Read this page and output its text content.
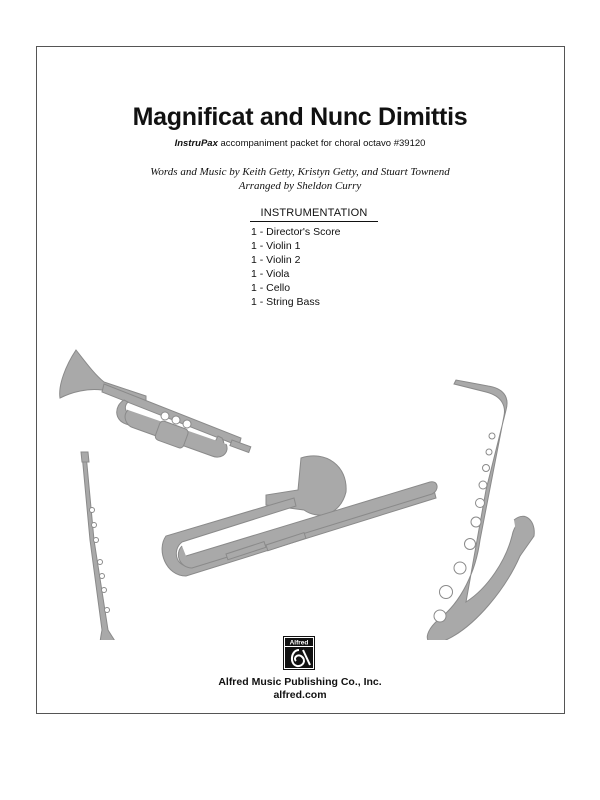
Magnificat and Nunc Dimittis
InstruPax accompaniment packet for choral octavo #39120
Words and Music by Keith Getty, Kristyn Getty, and Stuart Townend
Arranged by Sheldon Curry
INSTRUMENTATION
1 - Director's Score
1 - Violin 1
1 - Violin 2
1 - Viola
1 - Cello
1 - String Bass
Alfred
Alfred Music Publishing Co., Inc.
alfred.com
